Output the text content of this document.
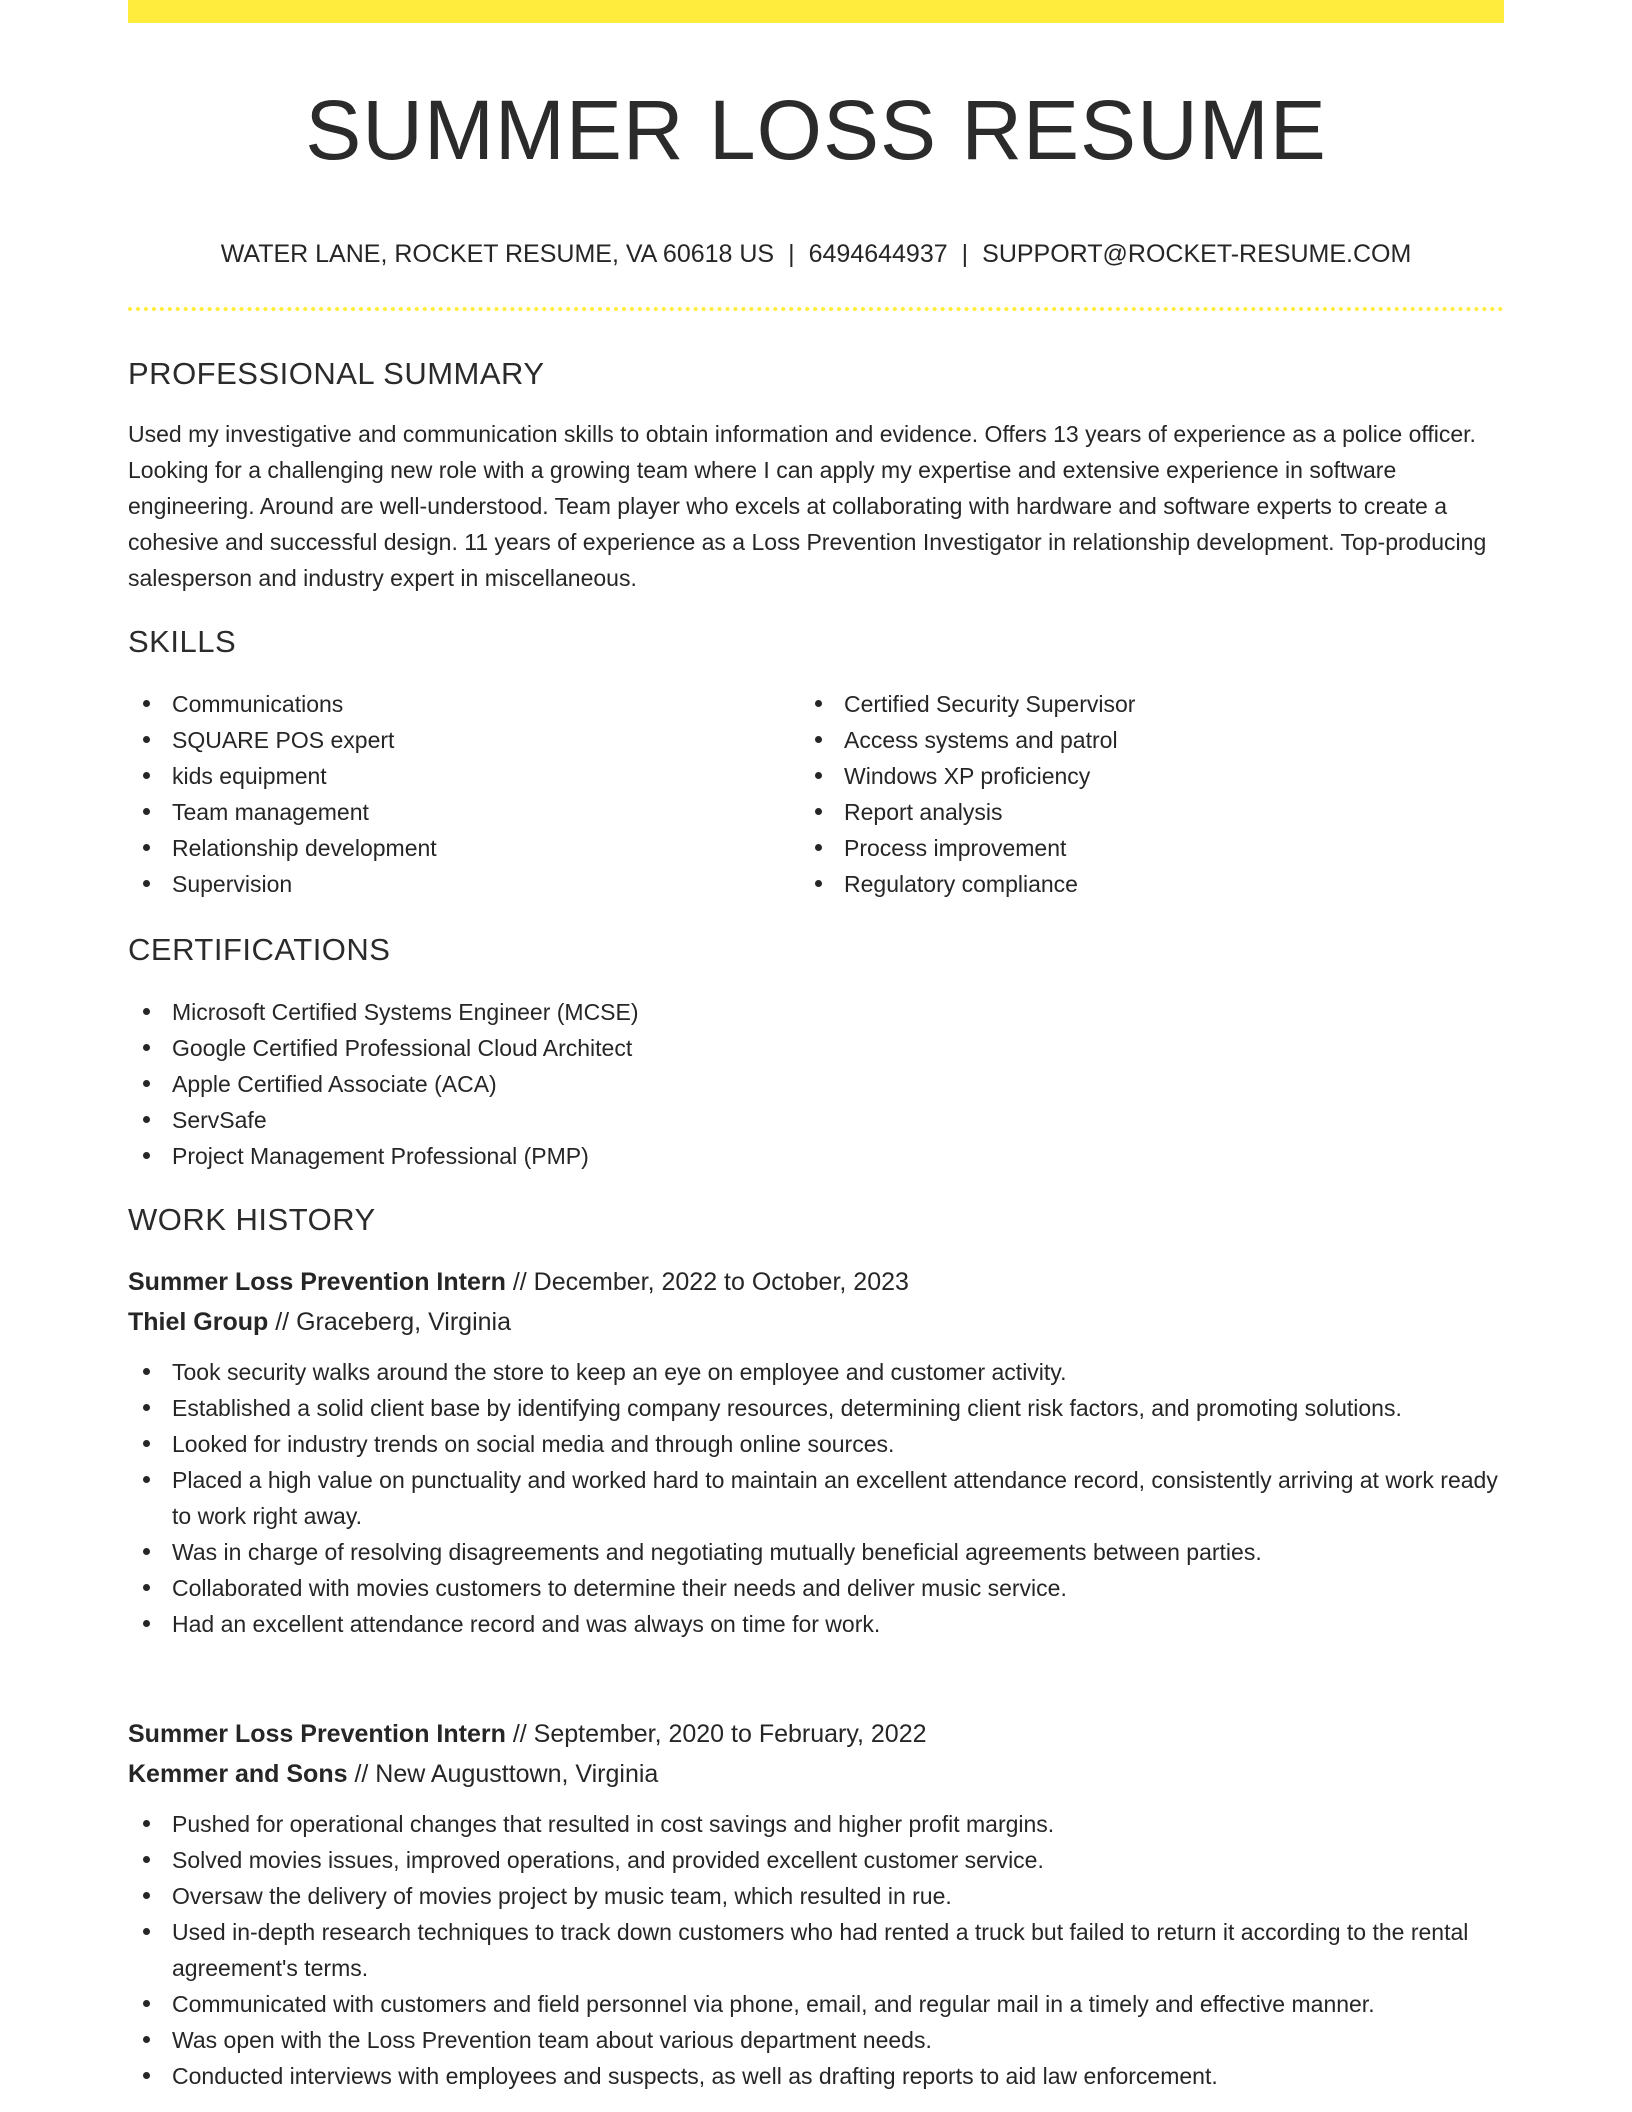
SUMMER LOSS RESUME
WATER LANE, ROCKET RESUME, VA 60618 US | 6494644937 | SUPPORT@ROCKET-RESUME.COM
PROFESSIONAL SUMMARY
Used my investigative and communication skills to obtain information and evidence. Offers 13 years of experience as a police officer. Looking for a challenging new role with a growing team where I can apply my expertise and extensive experience in software engineering. Around are well-understood. Team player who excels at collaborating with hardware and software experts to create a cohesive and successful design. 11 years of experience as a Loss Prevention Investigator in relationship development. Top-producing salesperson and industry expert in miscellaneous.
SKILLS
Communications
SQUARE POS expert
kids equipment
Team management
Relationship development
Supervision
Certified Security Supervisor
Access systems and patrol
Windows XP proficiency
Report analysis
Process improvement
Regulatory compliance
CERTIFICATIONS
Microsoft Certified Systems Engineer (MCSE)
Google Certified Professional Cloud Architect
Apple Certified Associate (ACA)
ServSafe
Project Management Professional (PMP)
WORK HISTORY
Summer Loss Prevention Intern // December, 2022 to October, 2023
Thiel Group // Graceberg, Virginia
Took security walks around the store to keep an eye on employee and customer activity.
Established a solid client base by identifying company resources, determining client risk factors, and promoting solutions.
Looked for industry trends on social media and through online sources.
Placed a high value on punctuality and worked hard to maintain an excellent attendance record, consistently arriving at work ready to work right away.
Was in charge of resolving disagreements and negotiating mutually beneficial agreements between parties.
Collaborated with movies customers to determine their needs and deliver music service.
Had an excellent attendance record and was always on time for work.
Summer Loss Prevention Intern // September, 2020 to February, 2022
Kemmer and Sons // New Augusttown, Virginia
Pushed for operational changes that resulted in cost savings and higher profit margins.
Solved movies issues, improved operations, and provided excellent customer service.
Oversaw the delivery of movies project by music team, which resulted in rue.
Used in-depth research techniques to track down customers who had rented a truck but failed to return it according to the rental agreement's terms.
Communicated with customers and field personnel via phone, email, and regular mail in a timely and effective manner.
Was open with the Loss Prevention team about various department needs.
Conducted interviews with employees and suspects, as well as drafting reports to aid law enforcement.
